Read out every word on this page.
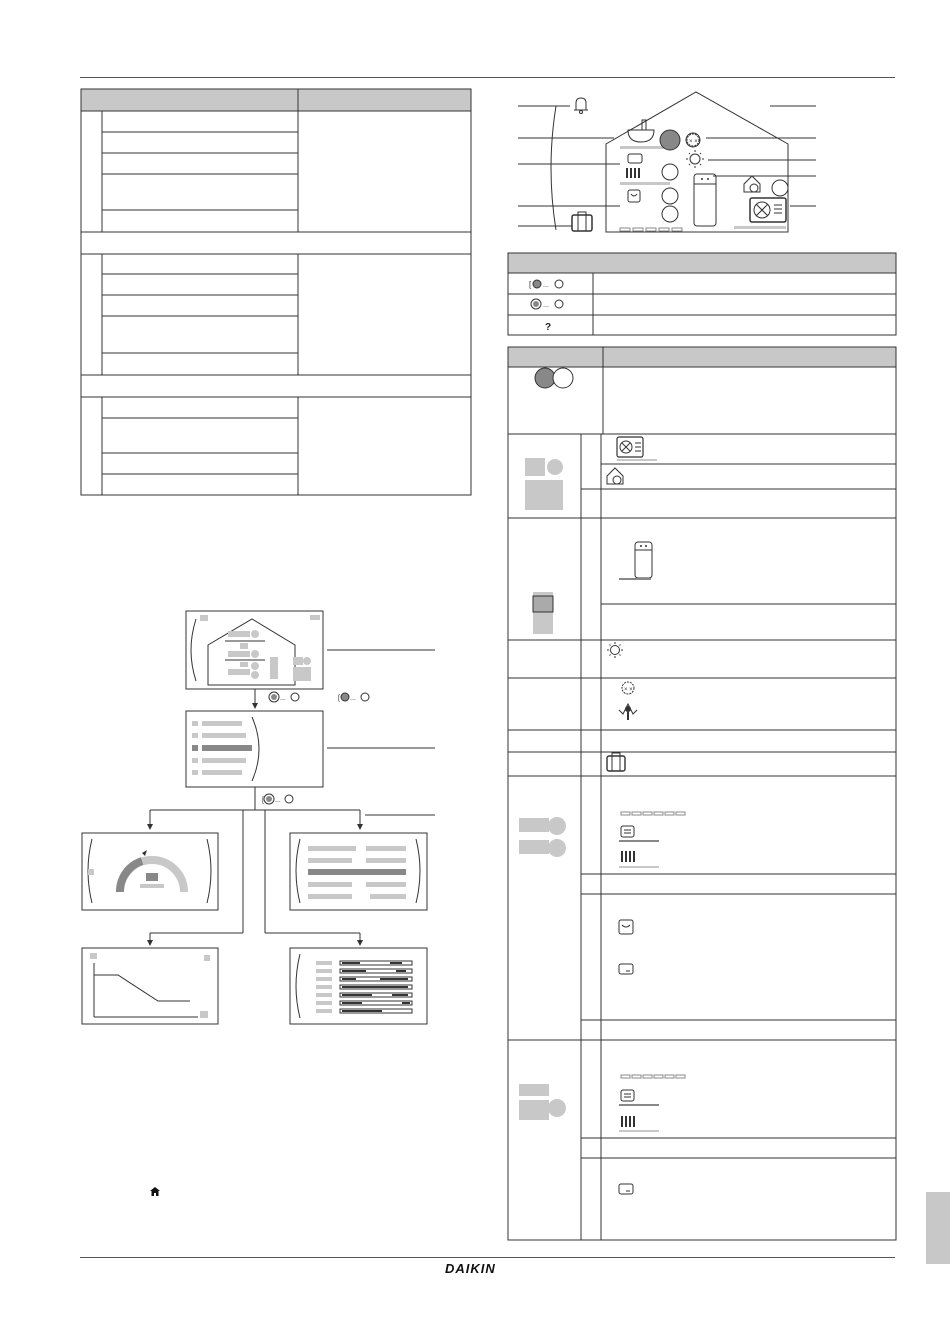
...	[ ...
[ ...
× ×
[ ...
...
?
× ×
DAIKIN
